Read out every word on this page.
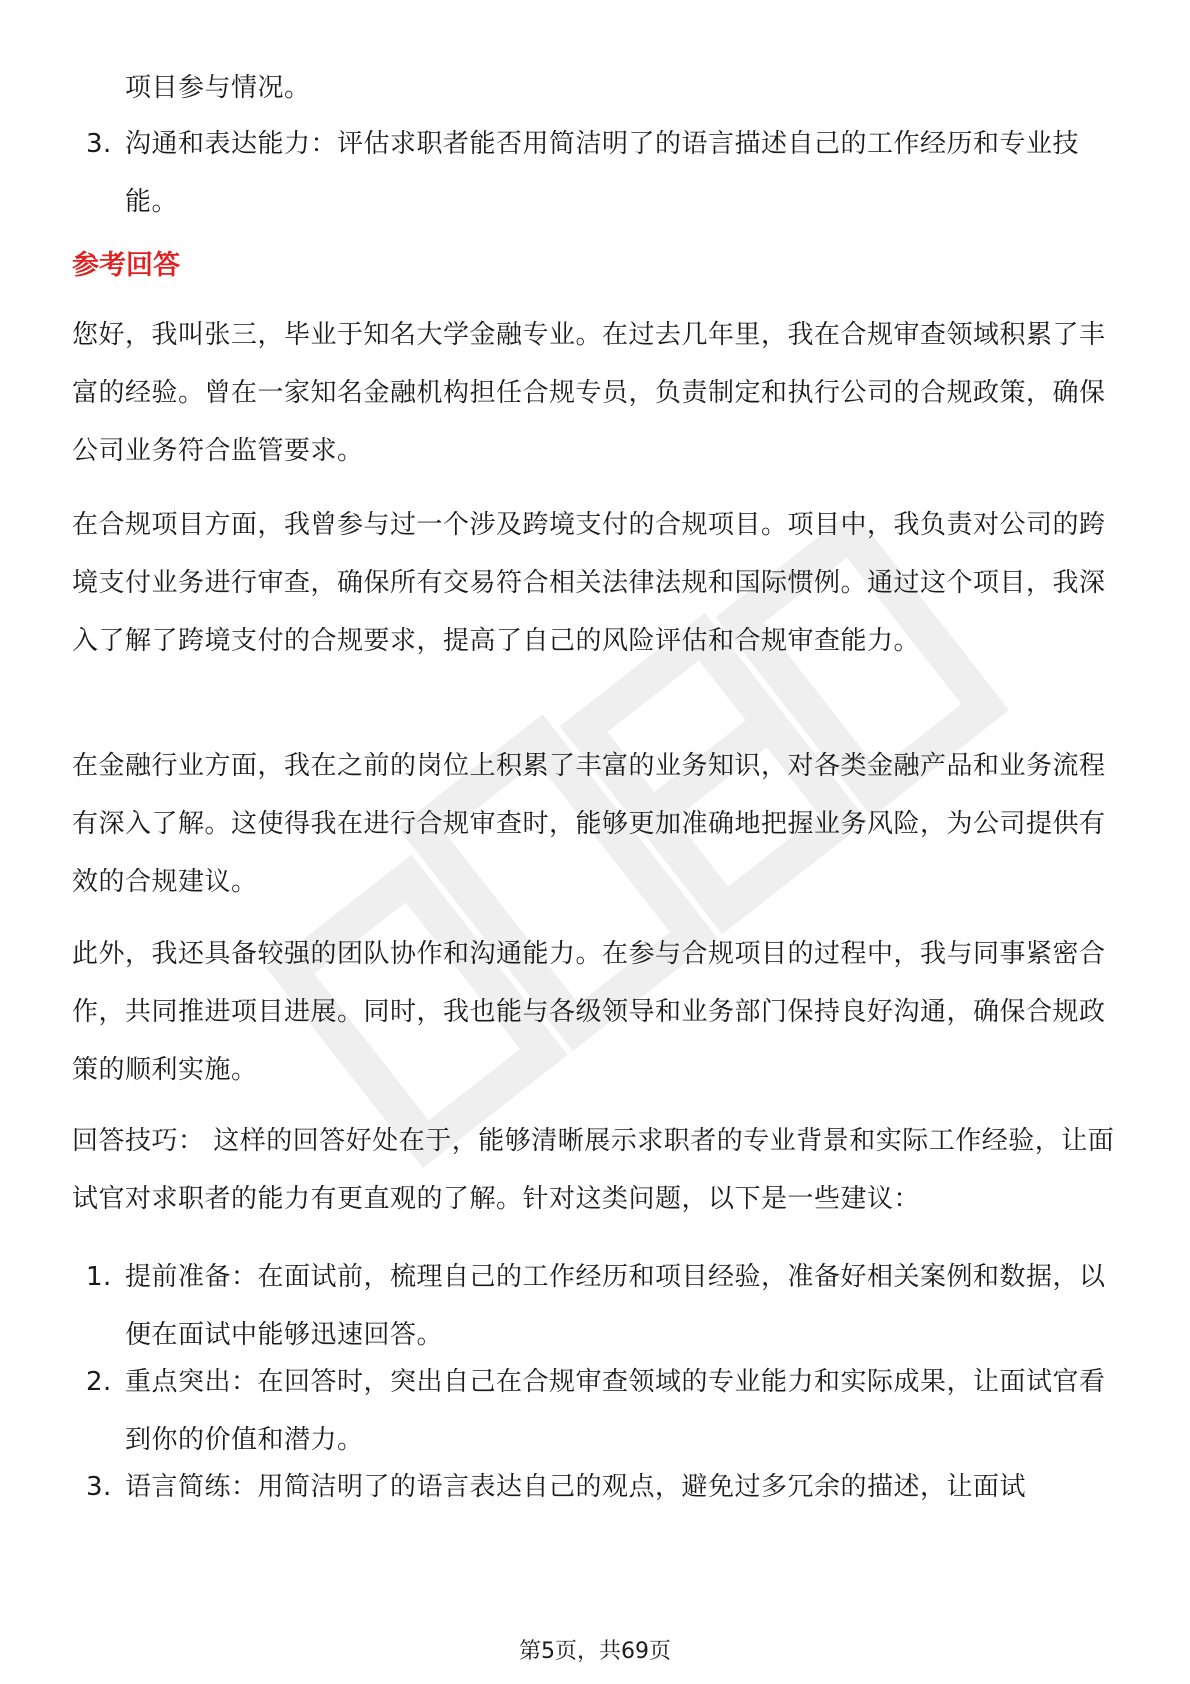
项目参与情况。
3. 沟通和表达能力：评估求职者能否用简洁明了的语言描述自己的工作经历和专业技能。
参考回答

您好，我叫张三，毕业于知名大学金融专业。在过去几年里，我在合规审查领域积累了丰富的经验。曾在一家知名金融机构担任合规专员，负责制定和执行公司的合规政策，确保公司业务符合监管要求。

在合规项目方面，我曾参与过一个涉及跨境支付的合规项目。项目中，我负责对公司的跨境支付业务进行审查，确保所有交易符合相关法律法规和国际惯例。通过这个项目，我深入了解了跨境支付的合规要求，提高了自己的风险评估和合规审查能力。

在金融行业方面，我在之前的岗位上积累了丰富的业务知识，对各类金融产品和业务流程有深入了解。这使得我在进行合规审查时，能够更加准确地把握业务风险，为公司提供有效的合规建议。

此外，我还具备较强的团队协作和沟通能力。在参与合规项目的过程中，我与同事紧密合作，共同推进项目进展。同时，我也能与各级领导和业务部门保持良好沟通，确保合规政策的顺利实施。

回答技巧： 这样的回答好处在于，能够清晰展示求职者的专业背景和实际工作经验，让面试官对求职者的能力有更直观的了解。针对这类问题，以下是一些建议：

1. 提前准备：在面试前，梳理自己的工作经历和项目经验，准备好相关案例和数据，以便在面试中能够迅速回答。
2. 重点突出：在回答时，突出自己在合规审查领域的专业能力和实际成果，让面试官看到你的价值和潜力。
3. 语言简练：用简洁明了的语言表达自己的观点，避免过多冗余的描述，让面试
第5页，共69页
